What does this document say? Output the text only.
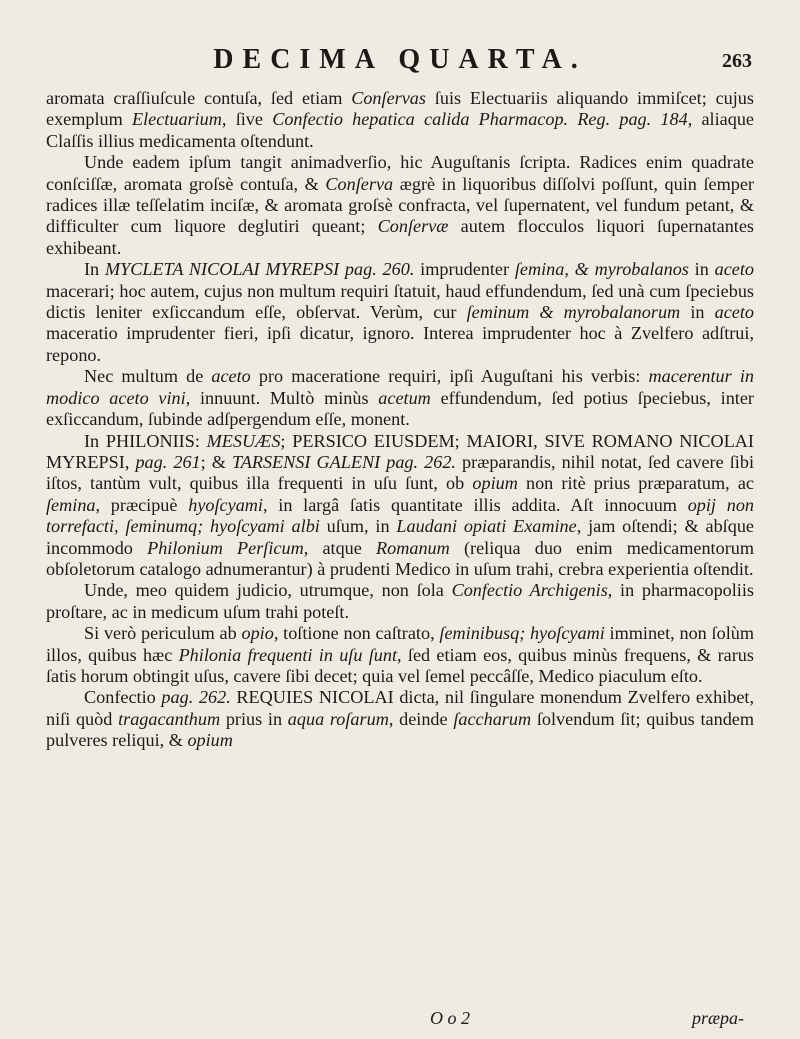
DECIMA QUARTA.	263

aromata craſſiuſcule contuſa, ſed etiam Conſervas ſuis Electuariis aliquando immiſcet; cujus exemplum Electuarium, ſive Confectio hepatica calida Pharmacop. Reg. pag. 184, aliaque Claſſis illius medicamenta oſtendunt.

Unde eadem ipſum tangit animadverſio, hic Auguſtanis ſcripta. Radices enim quadrate conſciſſæ, aromata groſsè contuſa, & Conſerva ægrè in liquoribus diſſolvi poſſunt, quin ſemper radices illæ teſſelatim inciſæ, & aromata groſsè confracta, vel ſupernatent, vel fundum petant, & difficulter cum liquore deglutiri queant; Conſervæ autem flocculos liquori ſupernatantes exhibeant.

In MYCLETA NICOLAI MYREPSI pag. 260. imprudenter ſemina, & myrobalanos in aceto macerari; hoc autem, cujus non multum requiri ſtatuit, haud effundendum, ſed unà cum ſpeciebus dictis leniter exſiccandum eſſe, obſervat. Verùm, cur ſeminum & myrobalanorum in aceto maceratio imprudenter fieri, ipſi dicatur, ignoro. Interea imprudenter hoc à Zvelfero adſtrui, repono.

Nec multum de aceto pro maceratione requiri, ipſi Auguſtani his verbis: macerentur in modico aceto vini, innuunt. Multò minùs acetum effundendum, ſed potius ſpeciebus, inter exſiccandum, ſubinde adſpergendum eſſe, monent.

In PHILONIIS: MESUÆS; PERSICO EIUSDEM; MAIORI, SIVE ROMANO NICOLAI MYREPSI, pag. 261; & TARSENSI GALENI pag. 262. præparandis, nihil notat, ſed cavere ſibi iſtos, tantùm vult, quibus illa frequenti in uſu ſunt, ob opium non ritè prius præparatum, ac ſemina, præcipuè hyoſcyami, in largâ ſatis quantitate illis addita. Aſt innocuum opij non torrefacti, ſeminumq; hyoſcyami albi uſum, in Laudani opiati Examine, jam oſtendi; & abſque incommodo Philonium Perſicum, atque Romanum (reliqua duo enim medicamentorum obſoletorum catalogo adnumerantur) à prudenti Medico in uſum trahi, crebra experientia oſtendit.

Unde, meo quidem judicio, utrumque, non ſola Confectio Archigenis, in pharmacopoliis proſtare, ac in medicum uſum trahi poteſt.

Si verò periculum ab opio, toſtione non caſtrato, ſeminibusq; hyoſcyami imminet, non ſolùm illos, quibus hæc Philonia frequenti in uſu ſunt, ſed etiam eos, quibus minùs frequens, & rarus ſatis horum obtingit uſus, cavere ſibi decet; quia vel ſemel peccâſſe, Medico piaculum eſto.

Confectio pag. 262. REQUIES NICOLAI dicta, nil ſingulare monendum Zvelfero exhibet, niſi quòd tragacanthum prius in aqua roſarum, deinde ſaccharum ſolvendum ſit; quibus tandem pulveres reliqui, & opium

O o 2	præpa-
